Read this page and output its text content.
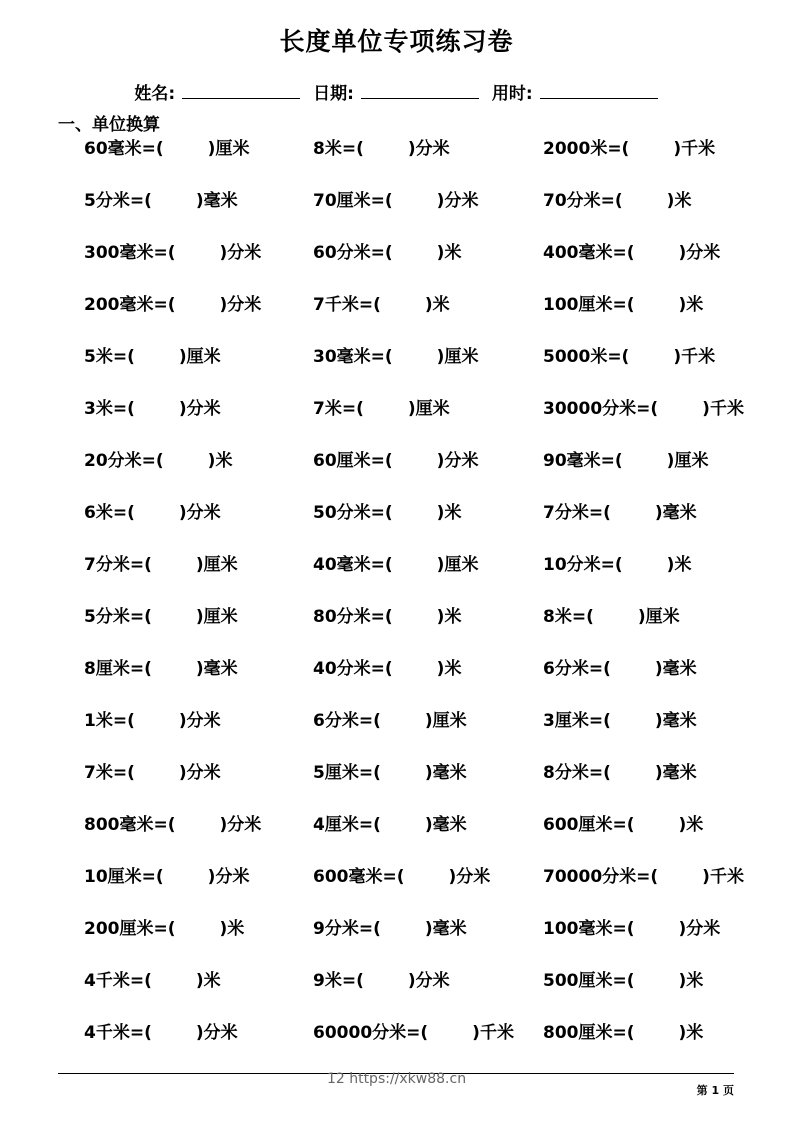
长度单位专项练习卷
姓名:	日期:	用时:
一、单位换算
60毫米=(	)厘米	8米=(	)分米	2000米=(	)千米
5分米=(	)毫米	70厘米=(	)分米	70分米=(	)米
300毫米=(	)分米	60分米=(	)米	400毫米=(	)分米
200毫米=(	)分米	7千米=(	)米	100厘米=(	)米
5米=(	)厘米	30毫米=(	)厘米	5000米=(	)千米
3米=(	)分米	7米=(	)厘米	30000分米=(	)千米
20分米=(	)米	60厘米=(	)分米	90毫米=(	)厘米
6米=(	)分米	50分米=(	)米	7分米=(	)毫米
7分米=(	)厘米	40毫米=(	)厘米	10分米=(	)米
5分米=(	)厘米	80分米=(	)米	8米=(	)厘米
8厘米=(	)毫米	40分米=(	)米	6分米=(	)毫米
1米=(	)分米	6分米=(	)厘米	3厘米=(	)毫米
7米=(	)分米	5厘米=(	)毫米	8分米=(	)毫米
800毫米=(	)分米	4厘米=(	)毫米	600厘米=(	)米
10厘米=(	)分米	600毫米=(	)分米	70000分米=(	)千米
200厘米=(	)米	9分米=(	)毫米	100毫米=(	)分米
4千米=(	)米	9米=(	)分米	500厘米=(	)米
4千米=(	)分米	60000分米=(	)千米 800厘米=(	)米
12 https://xkw88.cn
第 1 页
